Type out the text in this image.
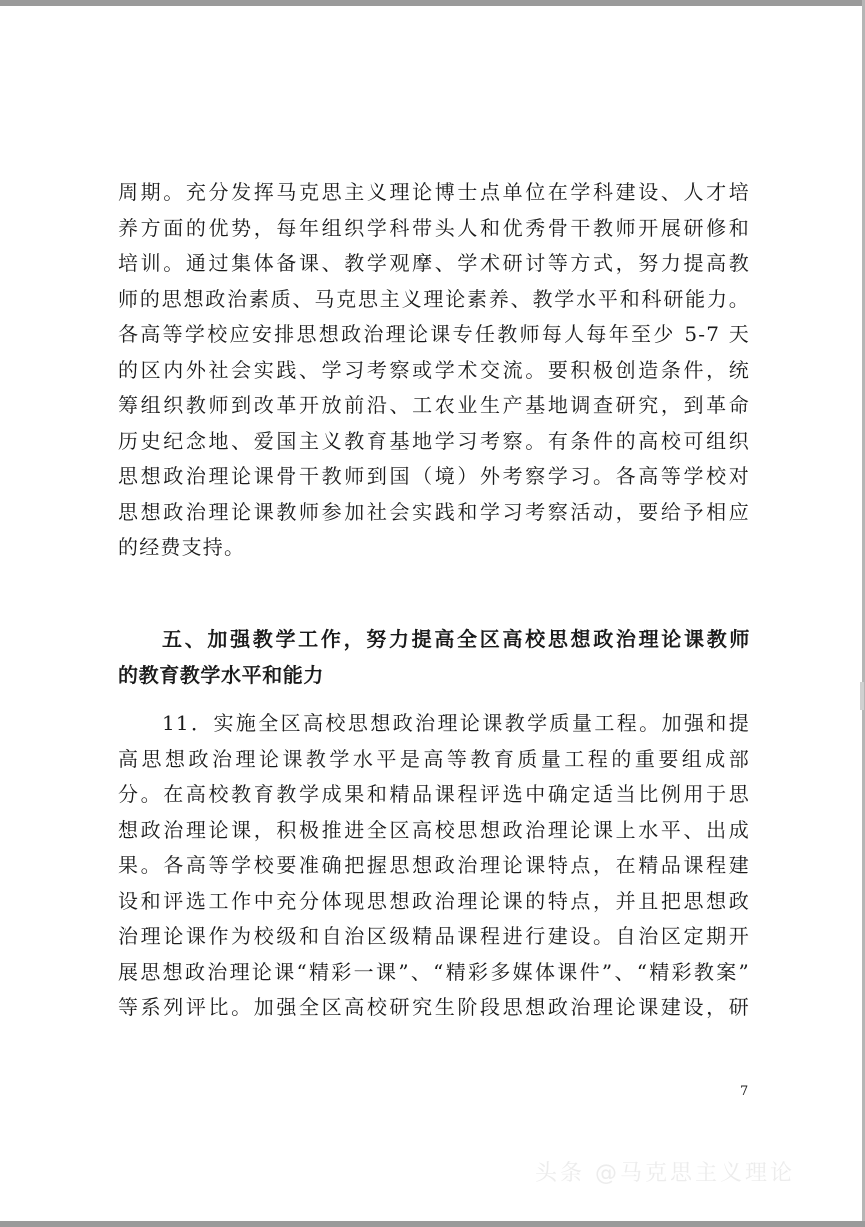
周期。充分发挥马克思主义理论博士点单位在学科建设、人才培
养方面的优势，每年组织学科带头人和优秀骨干教师开展研修和
培训。通过集体备课、教学观摩、学术研讨等方式，努力提高教
师的思想政治素质、马克思主义理论素养、教学水平和科研能力。
各高等学校应安排思想政治理论课专任教师每人每年至少 5-7 天
的区内外社会实践、学习考察或学术交流。要积极创造条件，统
筹组织教师到改革开放前沿、工农业生产基地调查研究，到革命
历史纪念地、爱国主义教育基地学习考察。有条件的高校可组织
思想政治理论课骨干教师到国（境）外考察学习。各高等学校对
思想政治理论课教师参加社会实践和学习考察活动，要给予相应
的经费支持。
五、加强教学工作，努力提高全区高校思想政治理论课教师
的教育教学水平和能力
11．实施全区高校思想政治理论课教学质量工程。加强和提
高思想政治理论课教学水平是高等教育质量工程的重要组成部
分。在高校教育教学成果和精品课程评选中确定适当比例用于思
想政治理论课，积极推进全区高校思想政治理论课上水平、出成
果。各高等学校要准确把握思想政治理论课特点，在精品课程建
设和评选工作中充分体现思想政治理论课的特点，并且把思想政
治理论课作为校级和自治区级精品课程进行建设。自治区定期开
展思想政治理论课“精彩一课”、“精彩多媒体课件”、“精彩教案”
等系列评比。加强全区高校研究生阶段思想政治理论课建设，研
7
头条 @马克思主义理论
